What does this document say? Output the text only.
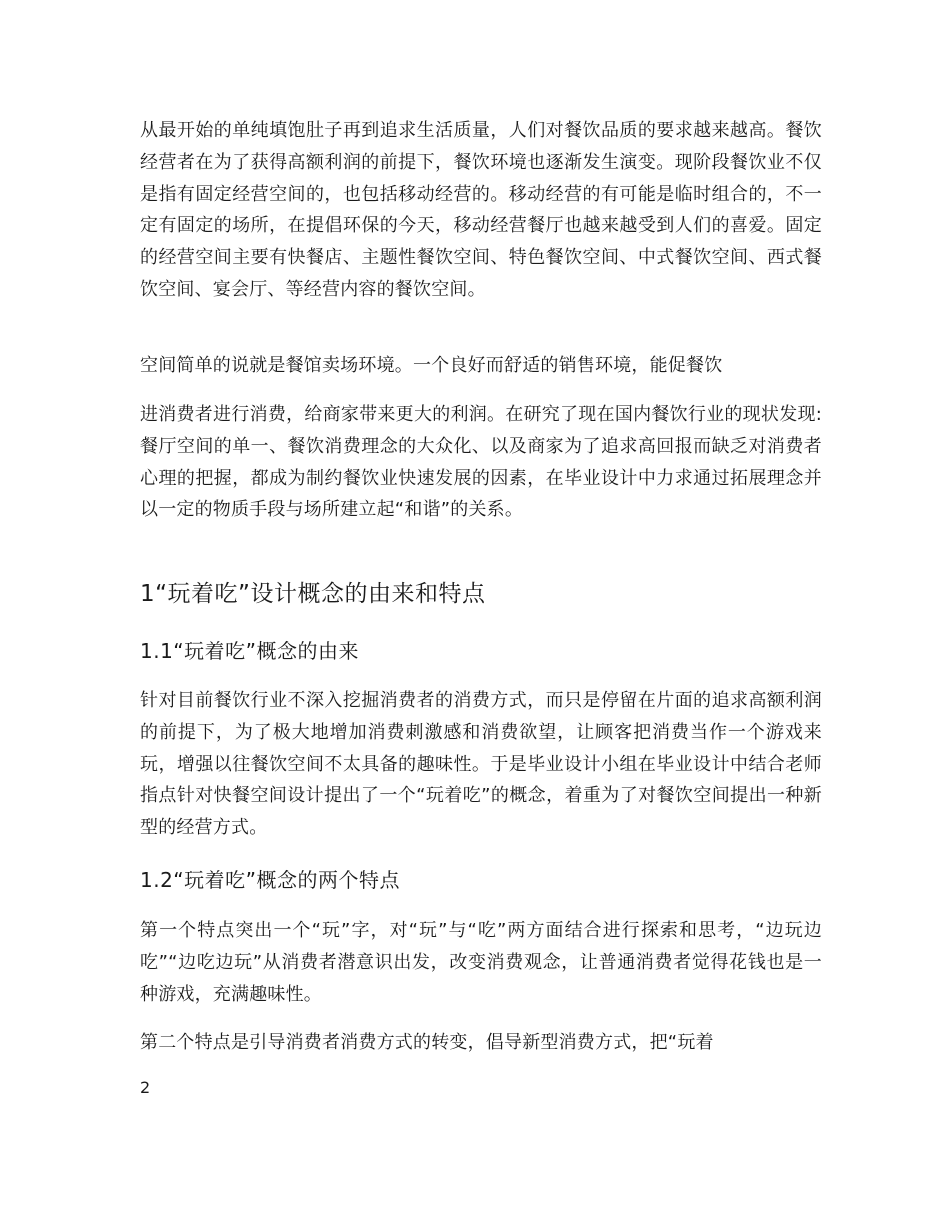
从最开始的单纯填饱肚子再到追求生活质量，人们对餐饮品质的要求越来越高。餐饮经营者在为了获得高额利润的前提下，餐饮环境也逐渐发生演变。现阶段餐饮业不仅是指有固定经营空间的，也包括移动经营的。移动经营的有可能是临时组合的，不一定有固定的场所，在提倡环保的今天，移动经营餐厅也越来越受到人们的喜爱。固定的经营空间主要有快餐店、主题性餐饮空间、特色餐饮空间、中式餐饮空间、西式餐饮空间、宴会厅、等经营内容的餐饮空间。

空间简单的说就是餐馆卖场环境。一个良好而舒适的销售环境，能促餐饮

进消费者进行消费，给商家带来更大的利润。在研究了现在国内餐饮行业的现状发现:餐厅空间的单一、餐饮消费理念的大众化、以及商家为了追求高回报而缺乏对消费者心理的把握，都成为制约餐饮业快速发展的因素，在毕业设计中力求通过拓展理念并以一定的物质手段与场所建立起“和谐”的关系。

1“玩着吃”设计概念的由来和特点
1.1“玩着吃”概念的由来

针对目前餐饮行业不深入挖掘消费者的消费方式，而只是停留在片面的追求高额利润的前提下，为了极大地增加消费刺激感和消费欲望，让顾客把消费当作一个游戏来玩，增强以往餐饮空间不太具备的趣味性。于是毕业设计小组在毕业设计中结合老师指点针对快餐空间设计提出了一个“玩着吃”的概念，着重为了对餐饮空间提出一种新型的经营方式。

1.2“玩着吃”概念的两个特点

第一个特点突出一个“玩”字，对“玩”与“吃”两方面结合进行探索和思考，“边玩边吃”“边吃边玩”从消费者潜意识出发，改变消费观念，让普通消费者觉得花钱也是一种游戏，充满趣味性。

第二个特点是引导消费者消费方式的转变，倡导新型消费方式，把“玩着

2
